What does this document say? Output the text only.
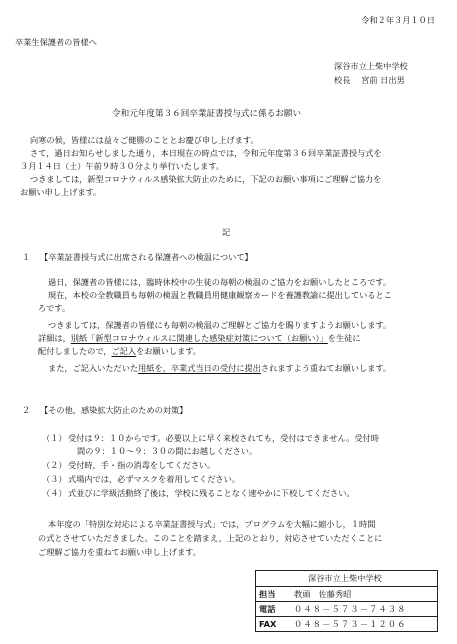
令和２年３月１０日
卒業生保護者の皆様へ
深谷市立上柴中学校
校長　 宮前 日出男
令和元年度第３６回卒業証書授与式に係るお願い
向寒の候，皆様には益々ご健勝のこととお慶び申し上げます。
さて，過日お知らせしました通り，本日現在の時点では，令和元年度第３６回卒業証書授与式を
３月１４日（土）午前９時３０分より挙行いたします。
つきましては，新型コロナウィルス感染拡大防止のために，下記のお願い事項にご理解ご協力を
お願い申し上げます。
記
１ 【卒業証書授与式に出席される保護者への検温について】
過日，保護者の皆様には，臨時休校中の生徒の毎朝の検温のご協力をお願いしたところです。
現在，本校の全教職員も毎朝の検温と教職員用健康観察カードを養護教諭に提出しているとこ
ろです。
つきましては，保護者の皆様にも毎朝の検温のご理解とご協力を賜りますようお願いします。
詳細は，別紙「新型コロナウィルスに関連した感染症対策について（お願い）」を生徒に
配付しましたので，ご記入をお願いします。
また，ご記入いただいた用紙を，卒業式当日の受付に提出されますよう重ねてお願いします。
２ 【その他，感染拡大防止のための対策】
（１） 受付は９：１０からです。必要以上に早く来校されても，受付はできません。受付時
間の９：１０～９：３０の間にお越しください。
（２） 受付時，手・指の消毒をしてください。
（３） 式場内では，必ずマスクを着用してください。
（４） 式並びに学級活動終了後は，学校に残ることなく速やかに下校してください。
本年度の「特別な対応による卒業証書授与式」では，プログラムを大幅に縮小し，１時間
の式とさせていただきました。このことを踏まえ，上記のとおり，対応させていただくことに
ご理解ご協力を重ねてお願い申し上げます。
深谷市立上柴中学校
担当 教頭　佐藤秀昭
電話 ０４８－５７３－７４３８
FAX ０４８－５７３－１２０６
